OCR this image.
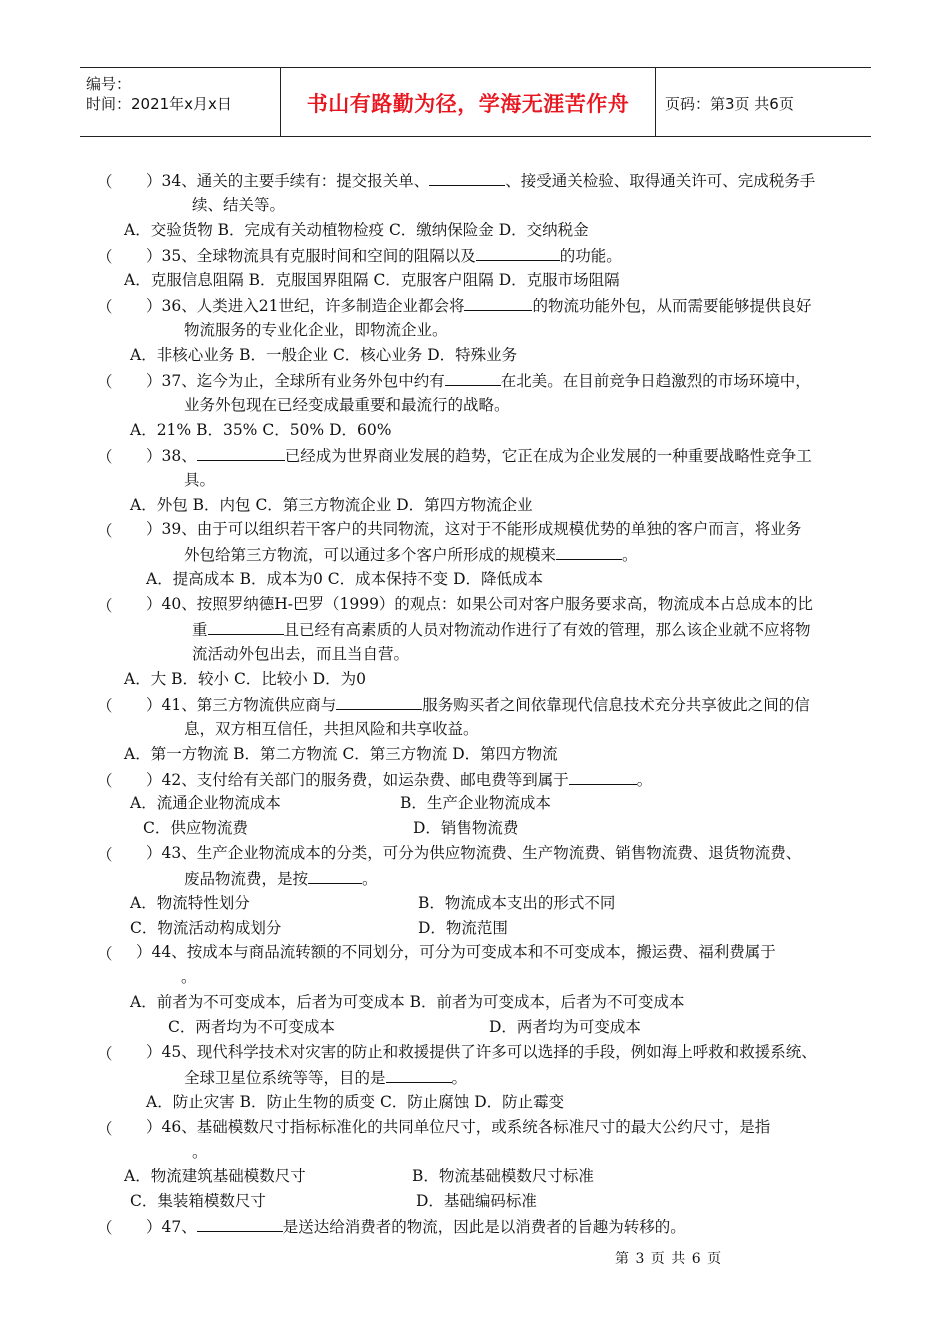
编号：
时间：2021年x月x日	书山有路勤为径，学海无涯苦作舟	页码：第3页 共6页
（ ）34、通关的主要手续有：提交报关单、	、接受通关检验、取得通关许可、完成税务手
续、结关等。
A．交验货物 B．完成有关动植物检疫 C．缴纳保险金 D．交纳税金
（ ）35、全球物流具有克服时间和空间的阻隔以及	的功能。
A．克服信息阻隔 B．克服国界阻隔 C．克服客户阻隔 D．克服市场阻隔
（ ）36、人类进入21世纪，许多制造企业都会将	的物流功能外包，从而需要能够提供良好
物流服务的专业化企业，即物流企业。
A．非核心业务 B．一般企业 C．核心业务 D．特殊业务
（ ）37、迄今为止，全球所有业务外包中约有	在北美。在目前竞争日趋激烈的市场环境中，
业务外包现在已经变成最重要和最流行的战略。
A．21% B．35% C．50% D．60%
（ ）38、	已经成为世界商业发展的趋势，它正在成为企业发展的一种重要战略性竞争工
具。
A．外包 B．内包 C．第三方物流企业 D．第四方物流企业
（ ）39、由于可以组织若干客户的共同物流，这对于不能形成规模优势的单独的客户而言，将业务
外包给第三方物流，可以通过多个客户所形成的规模来	。
A．提高成本 B．成本为0 C．成本保持不变 D．降低成本
（ ）40、按照罗纳德H-巴罗（1999）的观点：如果公司对客户服务要求高，物流成本占总成本的比
重	且已经有高素质的人员对物流动作进行了有效的管理，那么该企业就不应将物
流活动外包出去，而且当自营。
A．大 B．较小 C．比较小 D．为0
（ ）41、第三方物流供应商与	服务购买者之间依靠现代信息技术充分共享彼此之间的信
息，双方相互信任，共担风险和共享收益。
A．第一方物流 B．第二方物流 C．第三方物流 D．第四方物流
（ ）42、支付给有关部门的服务费，如运杂费、邮电费等到属于	。
A．流通企业物流成本	B．生产企业物流成本
C．供应物流费	D．销售物流费
（ ）43、生产企业物流成本的分类，可分为供应物流费、生产物流费、销售物流费、退货物流费、
废品物流费，是按	。
A．物流特性划分	B．物流成本支出的形式不同
C．物流活动构成划分	D．物流范围
（ ）44、按成本与商品流转额的不同划分，可分为可变成本和不可变成本，搬运费、福利费属于
。
A．前者为不可变成本，后者为可变成本 B．前者为可变成本，后者为不可变成本
C．两者均为不可变成本	D．两者均为可变成本
（ ）45、现代科学技术对灾害的防止和救援提供了许多可以选择的手段，例如海上呼救和救援系统、
全球卫星位系统等等，目的是	。
A．防止灾害 B．防止生物的质变 C．防止腐蚀 D．防止霉变
（ ）46、基础模数尺寸指标标准化的共同单位尺寸，或系统各标准尺寸的最大公约尺寸，是指
。
A．物流建筑基础模数尺寸	B．物流基础模数尺寸标准
C．集装箱模数尺寸	D．基础编码标准
（ ）47、	是送达给消费者的物流，因此是以消费者的旨趣为转移的。
第 3 页 共 6 页
